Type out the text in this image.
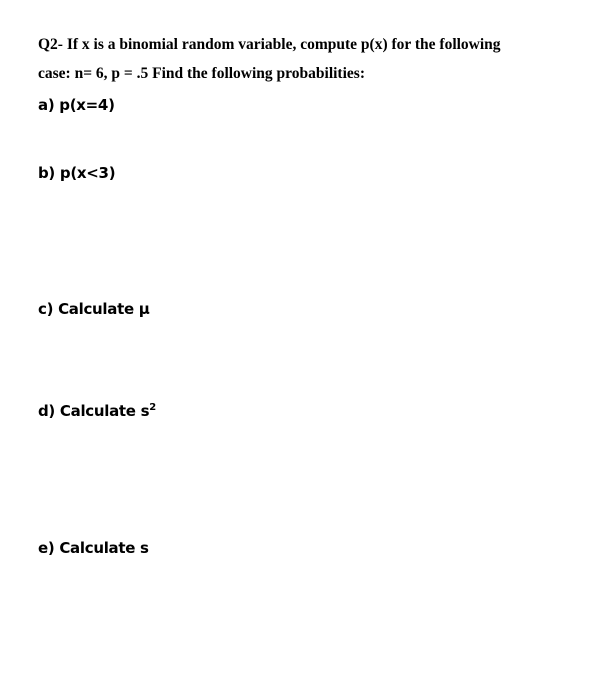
Q2- If x is a binomial random variable, compute p(x) for the following

case: n= 6, p = .5 Find the following probabilities:

a) p(x=4)
b) p(x<3)
c) Calculate µ
d) Calculate $s^2$
e) Calculate s
